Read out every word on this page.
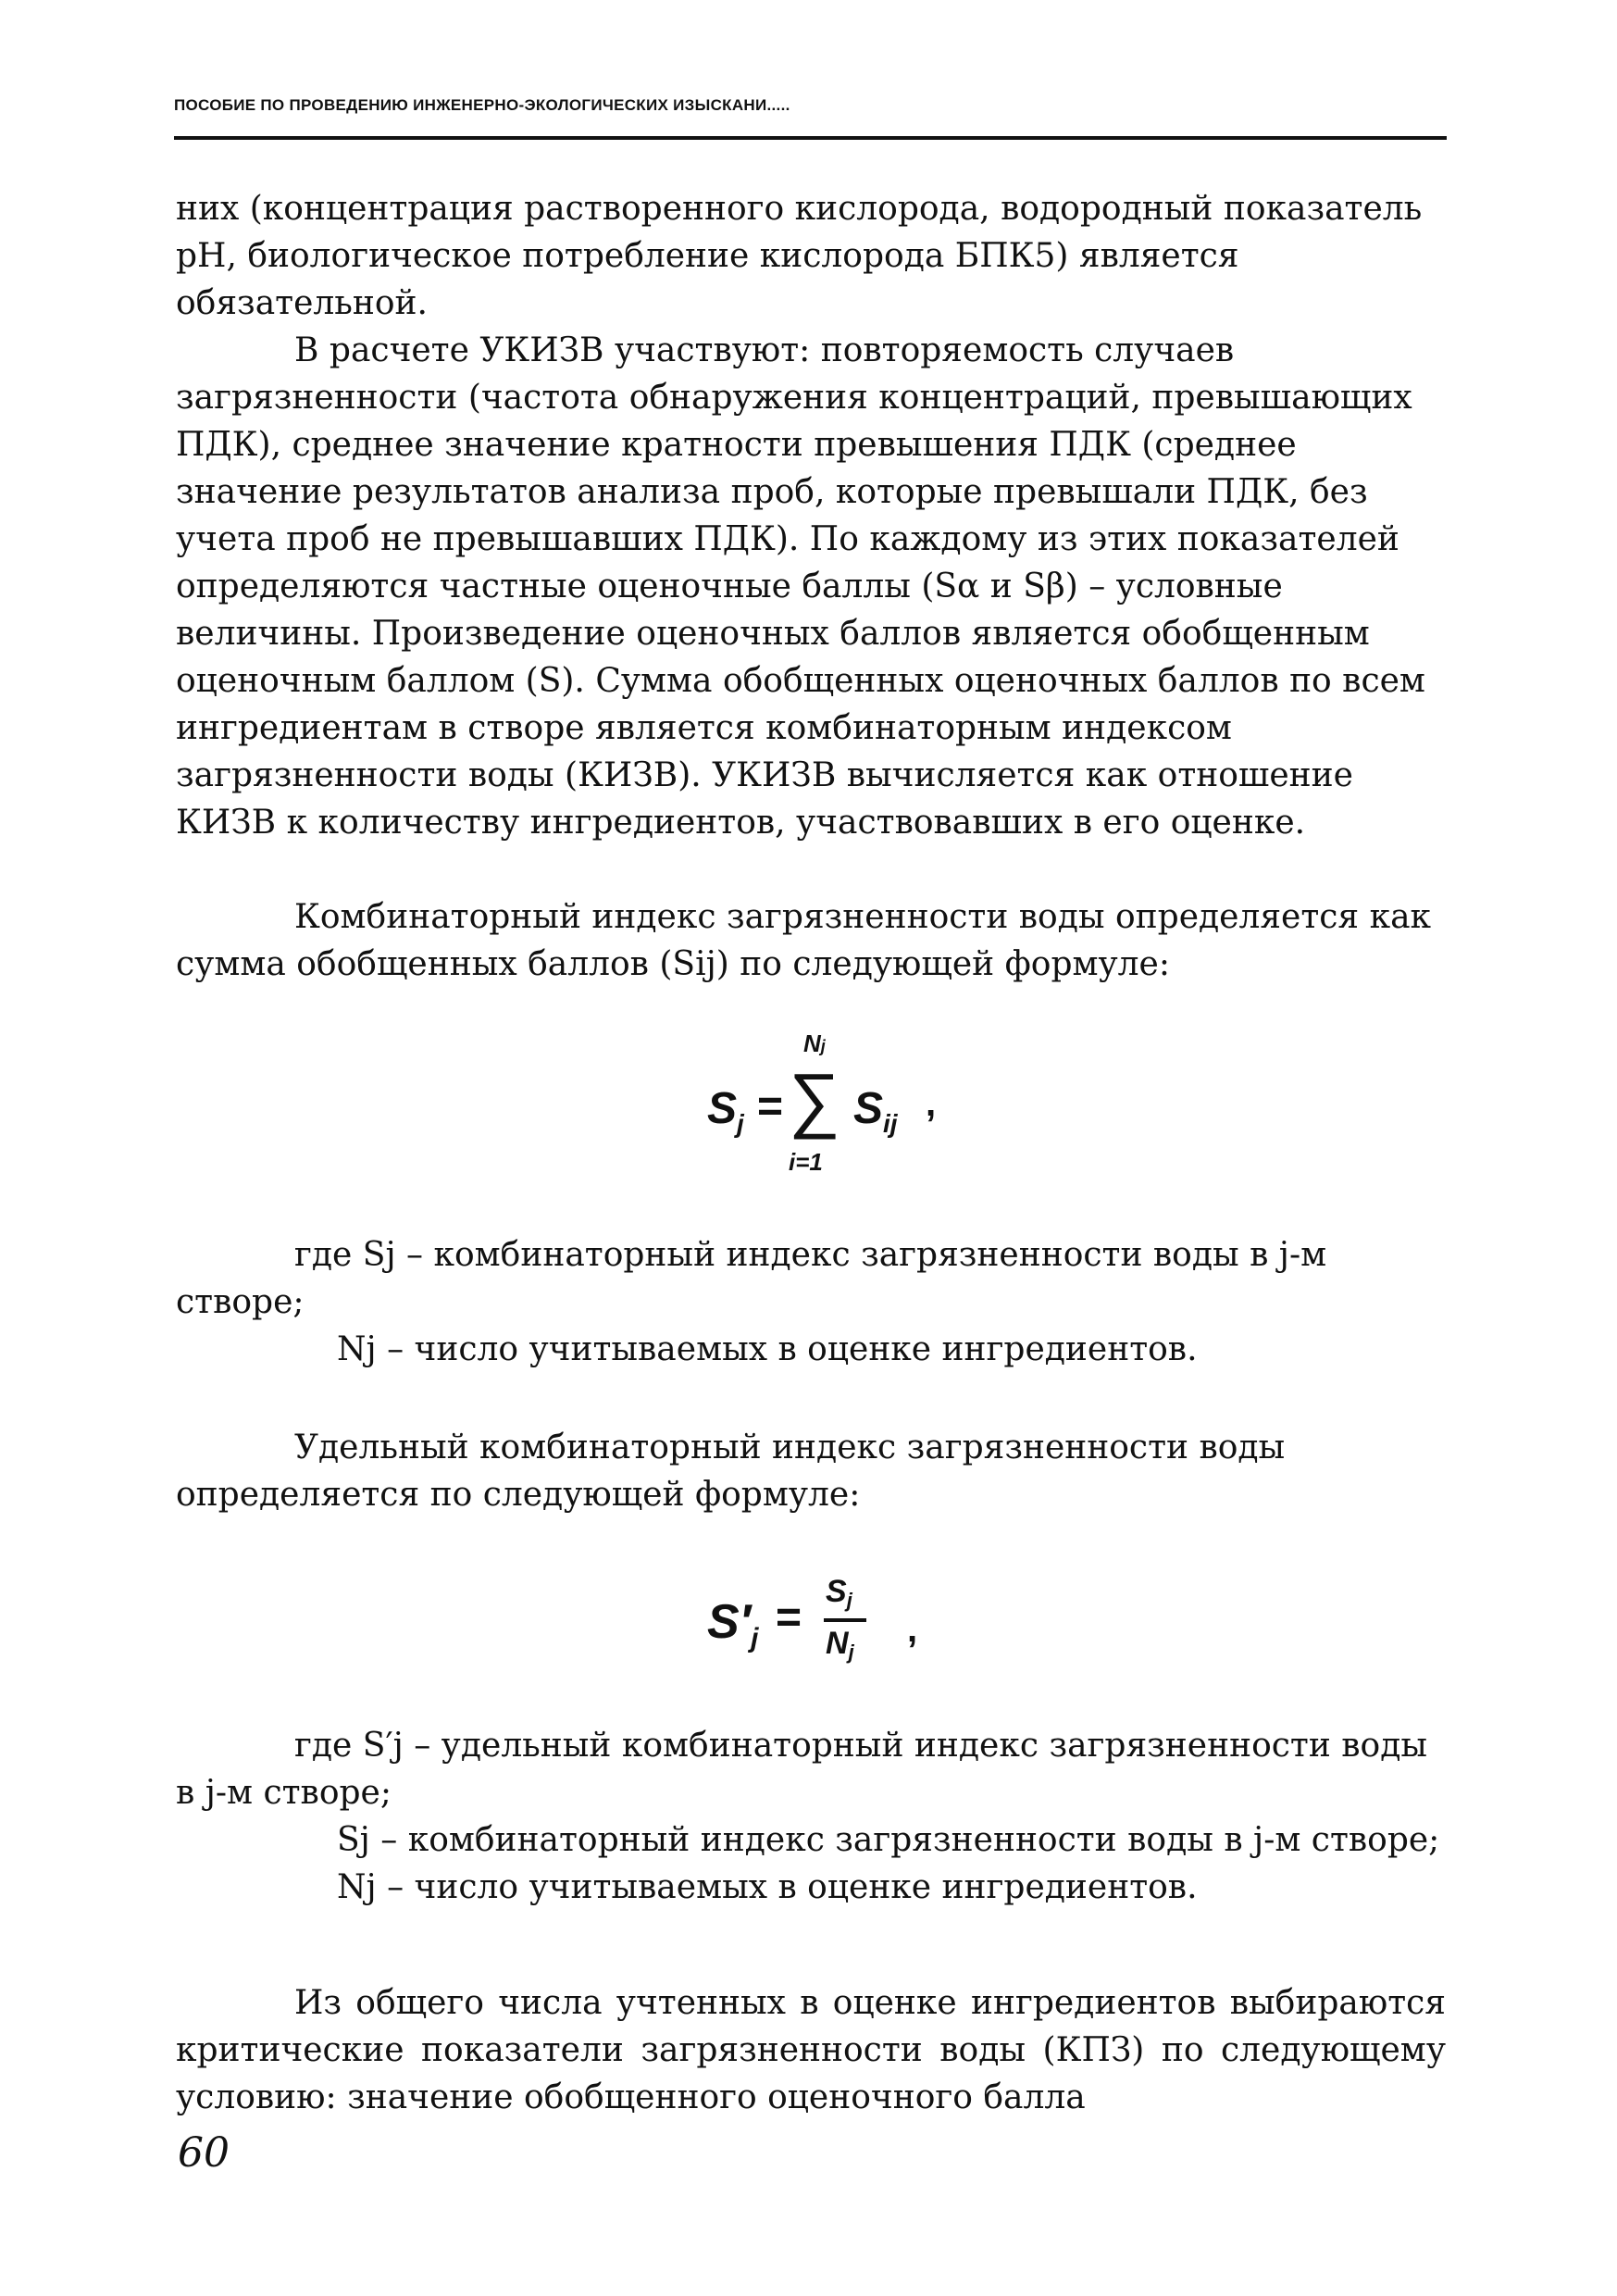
ПОСОБИЕ ПО ПРОВЕДЕНИЮ ИНЖЕНЕРНО-ЭКОЛОГИЧЕСКИХ ИЗЫСКАНИ.....

них (концентрация растворенного кислорода, водородный показатель pH, биологическое потребление кислорода БПК5) является обязательной.

В расчете УКИЗВ участвуют: повторяемость случаев загрязненности (частота обнаружения концентраций, превышающих ПДК), среднее значение кратности превышения ПДК (среднее значение результатов анализа проб, которые превышали ПДК, без учета проб не превышавших ПДК). По каждому из этих показателей определяются частные оценочные баллы (Sα и Sβ) – условные величины. Произведение оценочных баллов является обобщенным оценочным баллом (S). Сумма обобщенных оценочных баллов по всем ингредиентам в створе является комбинаторным индексом загрязненности воды (КИЗВ). УКИЗВ вычисляется как отношение КИЗВ к количеству ингредиентов, участвовавших в его оценке.

Комбинаторный индекс загрязненности воды определяется как сумма обобщенных баллов (Sij) по следующей формуле:

Nj
$S_j$ = ∑ $S_{ij}$ ,
i=1

где Sj – комбинаторный индекс загрязненности воды в j-м створе;

Nj – число учитываемых в оценке ингредиентов.

Удельный комбинаторный индекс загрязненности воды определяется по следующей формуле:

S′j =
Sj
Nj
,

где S′j – удельный комбинаторный индекс загрязненности воды в j-м створе;

Sj – комбинаторный индекс загрязненности воды в j-м створе;

Nj – число учитываемых в оценке ингредиентов.

Из общего числа учтенных в оценке ингредиентов выбираются критические показатели загрязненности воды (КПЗ) по следующему условию: значение обобщенного оценочного балла

60
